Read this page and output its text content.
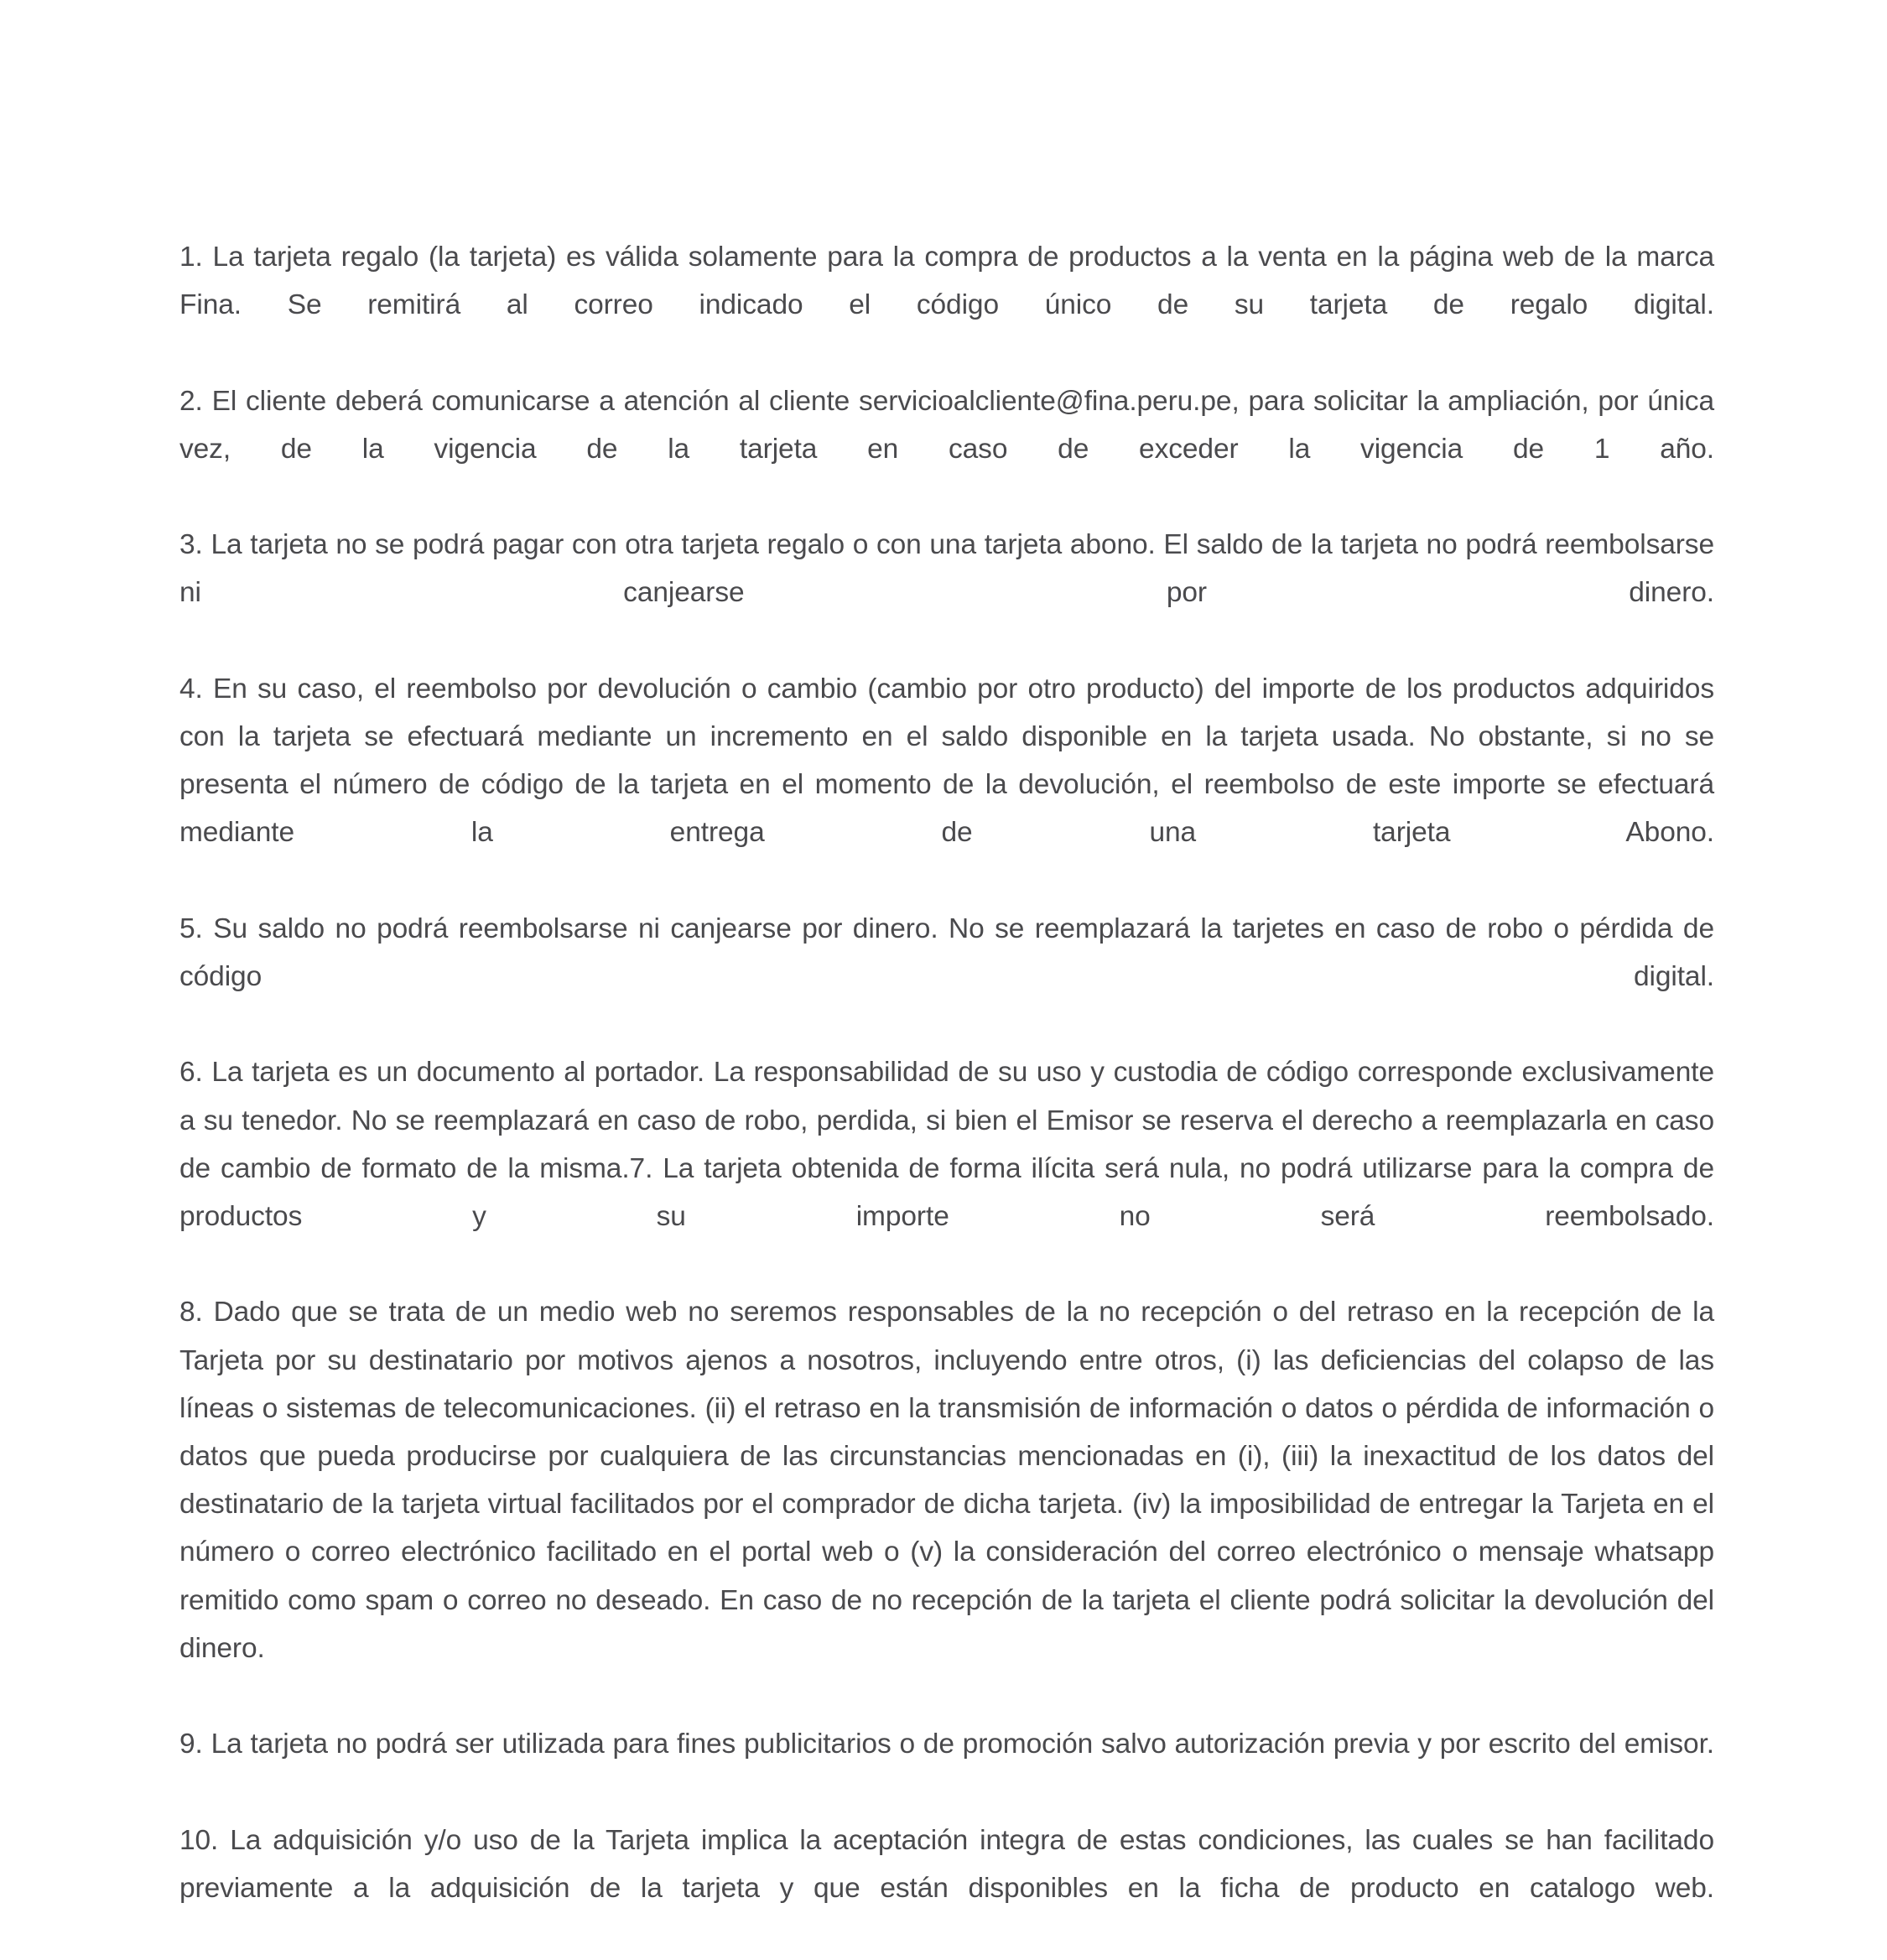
1. La tarjeta regalo (la tarjeta) es válida solamente para la compra de productos a la venta en la página web de la marca Fina. Se remitirá al correo indicado el código único de su tarjeta de regalo digital.

2. El cliente deberá comunicarse a atención al cliente servicioalcliente@fina.peru.pe, para solicitar la ampliación, por única vez, de la vigencia de la tarjeta en caso de exceder la vigencia de 1 año.

3. La tarjeta no se podrá pagar con otra tarjeta regalo o con una tarjeta abono. El saldo de la tarjeta no podrá reembolsarse ni canjearse por dinero.

4. En su caso, el reembolso por devolución o cambio (cambio por otro producto) del importe de los productos adquiridos con la tarjeta se efectuará mediante un incremento en el saldo disponible en la tarjeta usada. No obstante, si no se presenta el número de código de la tarjeta en el momento de la devolución, el reembolso de este importe se efectuará mediante la entrega de una tarjeta Abono.

5. Su saldo no podrá reembolsarse ni canjearse por dinero. No se reemplazará la tarjetes en caso de robo o pérdida de código digital.

6. La tarjeta es un documento al portador. La responsabilidad de su uso y custodia de código corresponde exclusivamente a su tenedor. No se reemplazará en caso de robo, perdida, si bien el Emisor se reserva el derecho a reemplazarla en caso de cambio de formato de la misma.7. La tarjeta obtenida de forma ilícita será nula, no podrá utilizarse para la compra de productos y su importe no será reembolsado.

8. Dado que se trata de un medio web no seremos responsables de la no recepción o del retraso en la recepción de la Tarjeta por su destinatario por motivos ajenos a nosotros, incluyendo entre otros, (i) las deficiencias del colapso de las líneas o sistemas de telecomunicaciones. (ii) el retraso en la transmisión de información o datos o pérdida de información o datos que pueda producirse por cualquiera de las circunstancias mencionadas en (i), (iii) la inexactitud de los datos del destinatario de la tarjeta virtual facilitados por el comprador de dicha tarjeta. (iv) la imposibilidad de entregar la Tarjeta en el número o correo electrónico facilitado en el portal web o (v) la consideración del correo electrónico o mensaje whatsapp remitido como spam o correo no deseado. En caso de no recepción de la tarjeta el cliente podrá solicitar la devolución del dinero.

9. La tarjeta no podrá ser utilizada para fines publicitarios o de promoción salvo autorización previa y por escrito del emisor.

10. La adquisición y/o uso de la Tarjeta implica la aceptación integra de estas condiciones, las cuales se han facilitado previamente a la adquisición de la tarjeta y que están disponibles en la ficha de producto en catalogo web.
